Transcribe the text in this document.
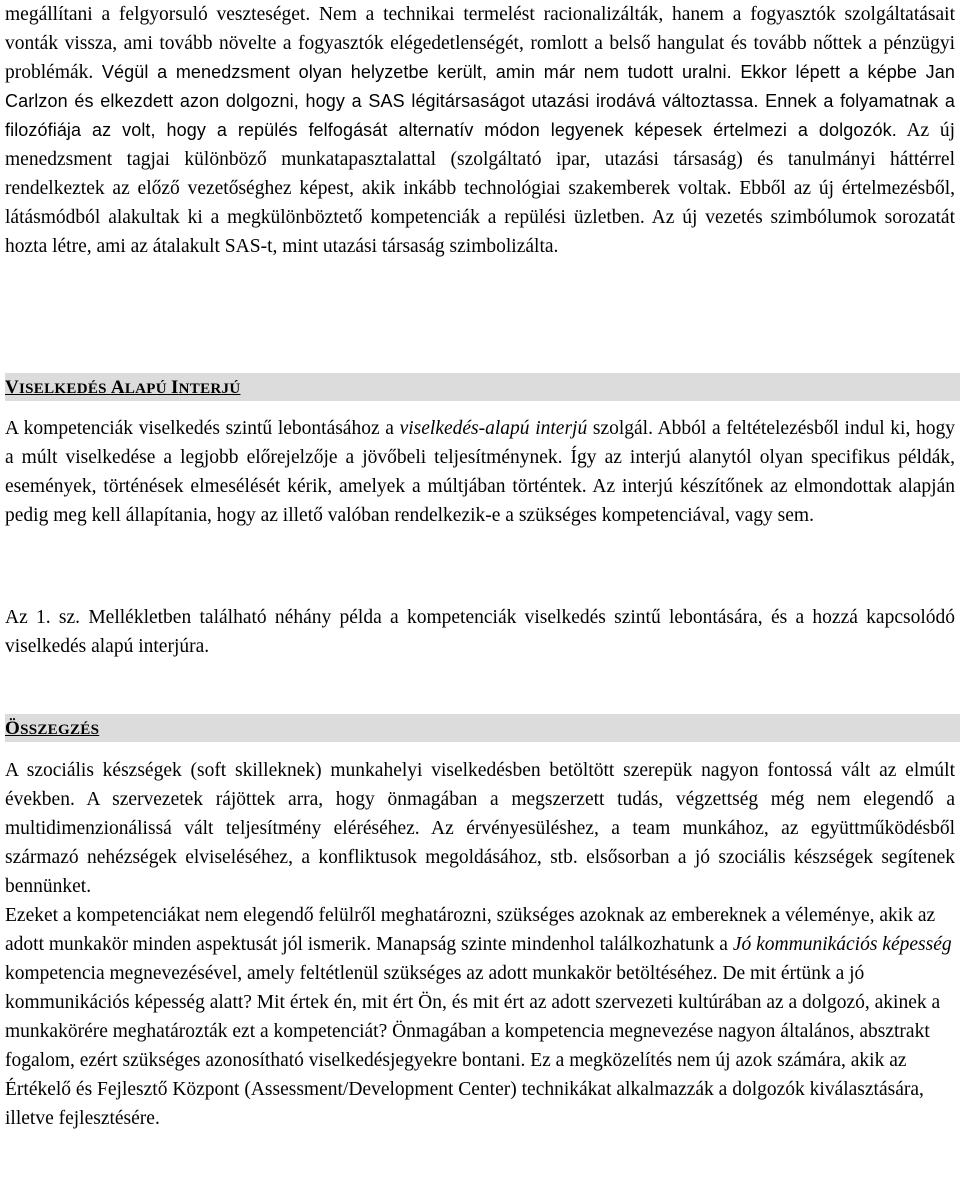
megállítani a felgyorsuló veszteséget. Nem a technikai termelést racionalizálták, hanem a fogyasztók szolgáltatásait vonták vissza, ami tovább növelte a fogyasztók elégedetlenségét, romlott a belső hangulat és tovább nőttek a pénzügyi problémák. Végül a menedzsment olyan helyzetbe került, amin már nem tudott uralni. Ekkor lépett a képbe Jan Carlzon és elkezdett azon dolgozni, hogy a SAS légitársaságot utazási irodává változtassa. Ennek a folyamatnak a filozófiája az volt, hogy a repülés felfogását alternatív módon legyenek képesek értelmezi a dolgozók. Az új menedzsment tagjai különböző munkatapasztalattal (szolgáltató ipar, utazási társaság) és tanulmányi háttérrel rendelkeztek az előző vezetőséghez képest, akik inkább technológiai szakemberek voltak. Ebből az új értelmezésből, látásmódból alakultak ki a megkülönböztető kompetenciák a repülési üzletben. Az új vezetés szimbólumok sorozatát hozta létre, ami az átalakult SAS-t, mint utazási társaság szimbolizálta.
VISELKEDÉS ALAPÚ INTERJÚ
A kompetenciák viselkedés szintű lebontásához a viselkedés-alapú interjú szolgál. Abból a feltételezésből indul ki, hogy a múlt viselkedése a legjobb előrejelzője a jövőbeli teljesítménynek. Így az interjú alanytól olyan specifikus példák, események, történések elmesélését kérik, amelyek a múltjában történtek. Az interjú készítőnek az elmondottak alapján pedig meg kell állapítania, hogy az illető valóban rendelkezik-e a szükséges kompetenciával, vagy sem.
Az 1. sz. Mellékletben található néhány példa a kompetenciák viselkedés szintű lebontására, és a hozzá kapcsolódó viselkedés alapú interjúra.
ÖSSZEGZÉS
A szociális készségek (soft skilleknek) munkahelyi viselkedésben betöltött szerepük nagyon fontossá vált az elmúlt években. A szervezetek rájöttek arra, hogy önmagában a megszerzett tudás, végzettség még nem elegendő a multidimenzionálissá vált teljesítmény eléréséhez. Az érvényesüléshez, a team munkához, az együttműködésből származó nehézségek elviseléséhez, a konfliktusok megoldásához, stb. elsősorban a jó szociális készségek segítenek bennünket.
Ezeket a kompetenciákat nem elegendő felülről meghatározni, szükséges azoknak az embereknek a véleménye, akik az adott munkakör minden aspektusát jól ismerik. Manapság szinte mindenhol találkozhatunk a Jó kommunikációs képesség kompetencia megnevezésével, amely feltétlenül szükséges az adott munkakör betöltéséhez. De mit értünk a jó kommunikációs képesség alatt? Mit értek én, mit ért Ön, és mit ért az adott szervezeti kultúrában az a dolgozó, akinek a munkakörére meghatározták ezt a kompetenciát? Önmagában a kompetencia megnevezése nagyon általános, absztrakt fogalom, ezért szükséges azonosítható viselkedésjegyekre bontani. Ez a megközelítés nem új azok számára, akik az Értékelő és Fejlesztő Központ (Assessment/Development Center) technikákat alkalmazzák a dolgozók kiválasztására, illetve fejlesztésére.
